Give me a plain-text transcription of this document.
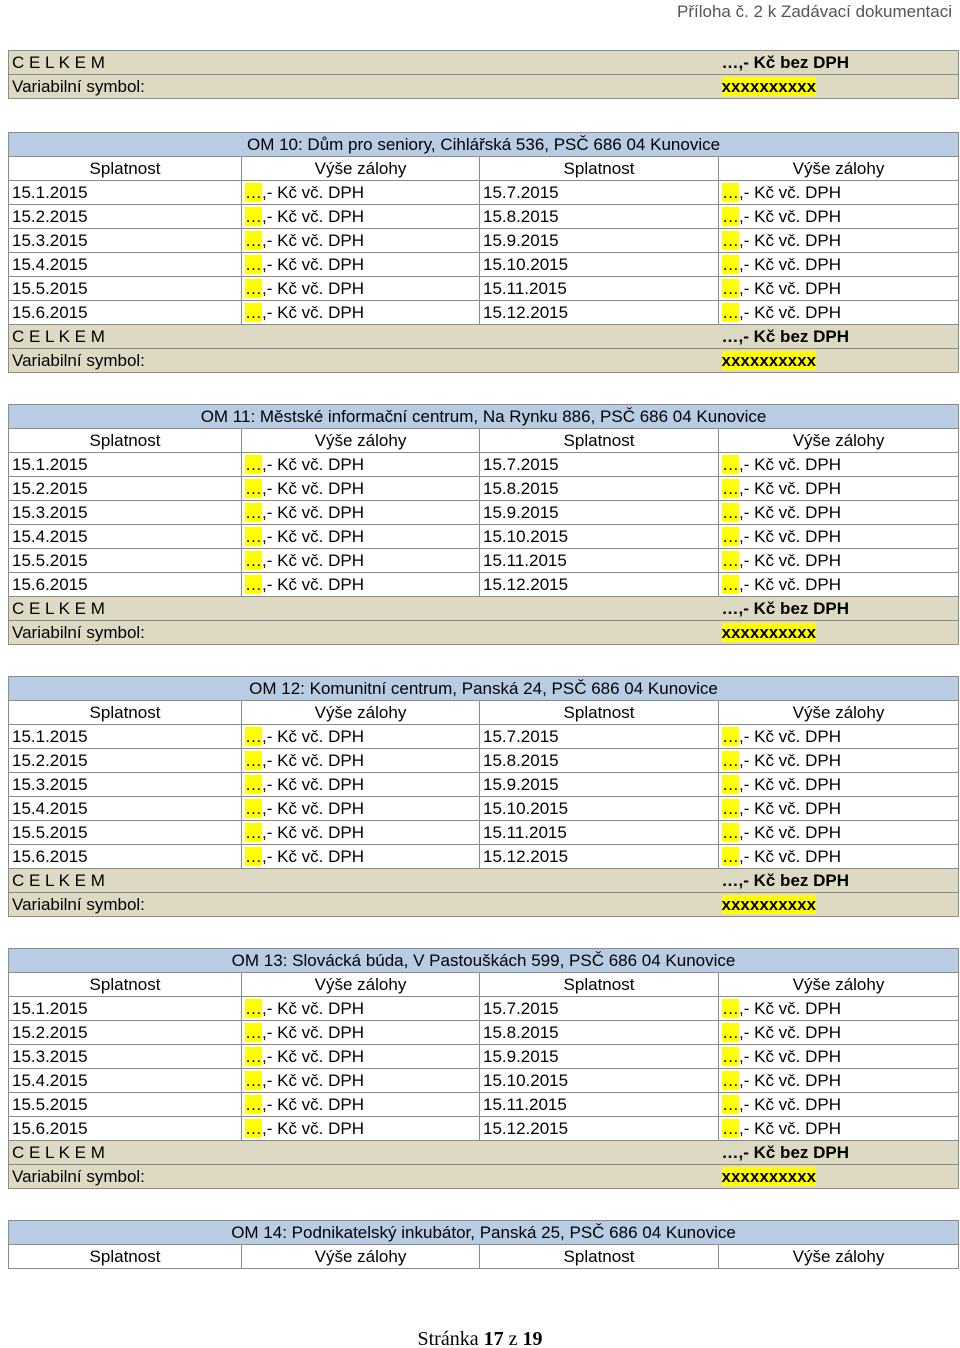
Příloha č. 2 k Zadávací dokumentaci
C E L K E M	…,- Kč bez DPH
Variabilní symbol:	xxxxxxxxxx
OM 10: Dům pro seniory, Cihlářská 536, PSČ 686 04 Kunovice			
Splatnost	Výše zálohy	Splatnost	Výše zálohy
15.1.2015	…,- Kč vč. DPH	15.7.2015	…,- Kč vč. DPH
15.2.2015	…,- Kč vč. DPH	15.8.2015	…,- Kč vč. DPH
15.3.2015	…,- Kč vč. DPH	15.9.2015	…,- Kč vč. DPH
15.4.2015	…,- Kč vč. DPH	15.10.2015	…,- Kč vč. DPH
15.5.2015	…,- Kč vč. DPH	15.11.2015	…,- Kč vč. DPH
15.6.2015	…,- Kč vč. DPH	15.12.2015	…,- Kč vč. DPH
C E L K E M			…,- Kč bez DPH
Variabilní symbol:			xxxxxxxxxx
OM 11: Městské informační centrum, Na Rynku 886, PSČ 686 04 Kunovice			
Splatnost	Výše zálohy	Splatnost	Výše zálohy
15.1.2015	…,- Kč vč. DPH	15.7.2015	…,- Kč vč. DPH
15.2.2015	…,- Kč vč. DPH	15.8.2015	…,- Kč vč. DPH
15.3.2015	…,- Kč vč. DPH	15.9.2015	…,- Kč vč. DPH
15.4.2015	…,- Kč vč. DPH	15.10.2015	…,- Kč vč. DPH
15.5.2015	…,- Kč vč. DPH	15.11.2015	…,- Kč vč. DPH
15.6.2015	…,- Kč vč. DPH	15.12.2015	…,- Kč vč. DPH
C E L K E M			…,- Kč bez DPH
Variabilní symbol:			xxxxxxxxxx
OM 12: Komunitní centrum, Panská 24, PSČ 686 04 Kunovice			
Splatnost	Výše zálohy	Splatnost	Výše zálohy
15.1.2015	…,- Kč vč. DPH	15.7.2015	…,- Kč vč. DPH
15.2.2015	…,- Kč vč. DPH	15.8.2015	…,- Kč vč. DPH
15.3.2015	…,- Kč vč. DPH	15.9.2015	…,- Kč vč. DPH
15.4.2015	…,- Kč vč. DPH	15.10.2015	…,- Kč vč. DPH
15.5.2015	…,- Kč vč. DPH	15.11.2015	…,- Kč vč. DPH
15.6.2015	…,- Kč vč. DPH	15.12.2015	…,- Kč vč. DPH
C E L K E M			…,- Kč bez DPH
Variabilní symbol:			xxxxxxxxxx
OM 13: Slovácká búda, V Pastouškách 599, PSČ 686 04 Kunovice			
Splatnost	Výše zálohy	Splatnost	Výše zálohy
15.1.2015	…,- Kč vč. DPH	15.7.2015	…,- Kč vč. DPH
15.2.2015	…,- Kč vč. DPH	15.8.2015	…,- Kč vč. DPH
15.3.2015	…,- Kč vč. DPH	15.9.2015	…,- Kč vč. DPH
15.4.2015	…,- Kč vč. DPH	15.10.2015	…,- Kč vč. DPH
15.5.2015	…,- Kč vč. DPH	15.11.2015	…,- Kč vč. DPH
15.6.2015	…,- Kč vč. DPH	15.12.2015	…,- Kč vč. DPH
C E L K E M			…,- Kč bez DPH
Variabilní symbol:			xxxxxxxxxx
OM 14: Podnikatelský inkubátor, Panská 25, PSČ 686 04 Kunovice
Splatnost	Výše zálohy	Splatnost	Výše zálohy
Stránka 17 z 19
